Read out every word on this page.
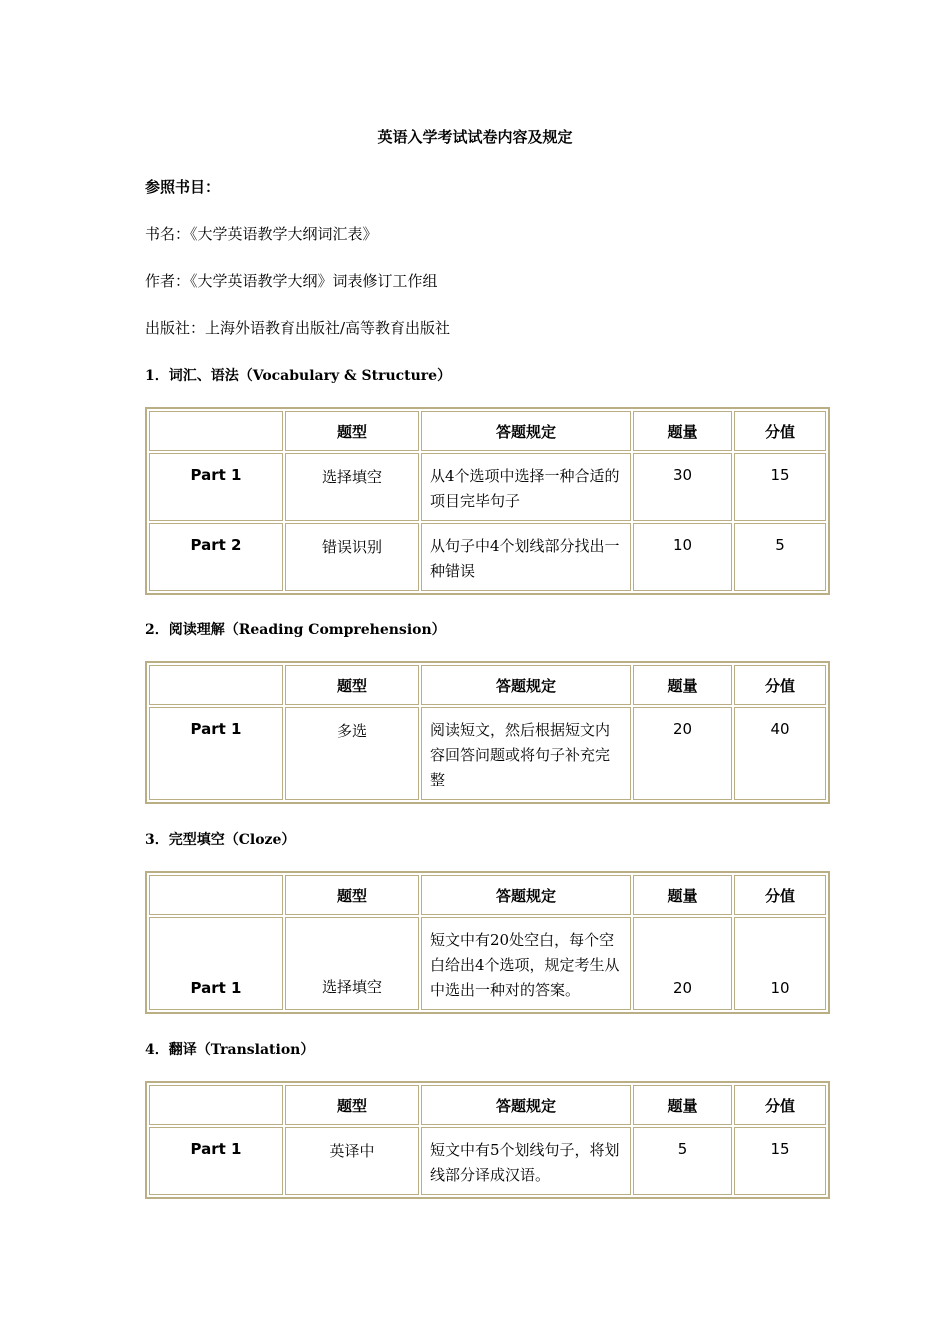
英语入学考试试卷内容及规定
参照书目：
书名：《大学英语教学大纲词汇表》
作者：《大学英语教学大纲》词表修订工作组
出版社：上海外语教育出版社/高等教育出版社
1．词汇、语法（Vocabulary & Structure）
	题型	答题规定	题量	分值
Part 1	选择填空	从4个选项中选择一种合适的项目完毕句子	30	15
Part 2	错误识别	从句子中4个划线部分找出一种错误	10	5
2．阅读理解（Reading Comprehension）
	题型	答题规定	题量	分值
Part 1	多选	阅读短文，然后根据短文内容回答问题或将句子补充完整	20	40
3．完型填空（Cloze）
	题型	答题规定	题量	分值
Part 1	选择填空	短文中有20处空白，每个空白给出4个选项，规定考生从中选出一种对的答案。	20	10
4．翻译（Translation）
	题型	答题规定	题量	分值
Part 1	英译中	短文中有5个划线句子，将划线部分译成汉语。	5	15
